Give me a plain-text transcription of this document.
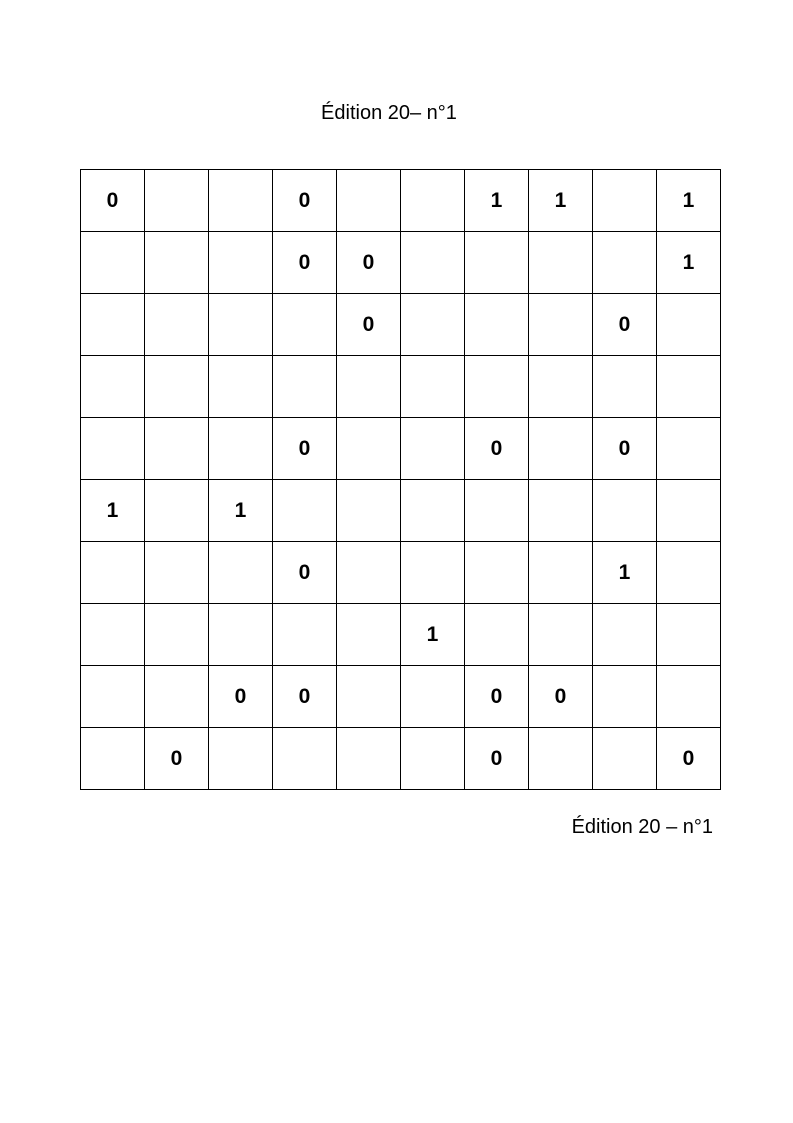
Édition 20– n°1
0			0			1	1		1
			0	0					1
				0				0	

			0			0		0	
1		1							
			0					1	
					1				
		0	0			0	0		
	0					0			0
Édition 20 – n°1
